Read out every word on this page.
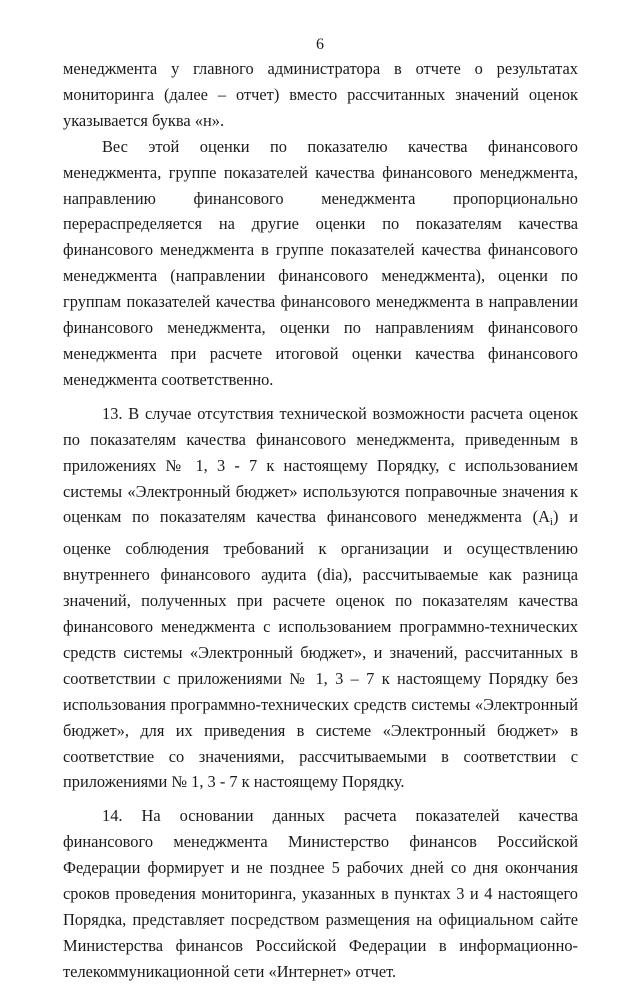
6

менеджмента у главного администратора в отчете о результатах мониторинга (далее – отчет) вместо рассчитанных значений оценок указывается буква «н».

Вес этой оценки по показателю качества финансового менеджмента, группе показателей качества финансового менеджмента, направлению финансового менеджмента пропорционально перераспределяется на другие оценки по показателям качества финансового менеджмента в группе показателей качества финансового менеджмента (направлении финансового менеджмента), оценки по группам показателей качества финансового менеджмента в направлении финансового менеджмента, оценки по направлениям финансового менеджмента при расчете итоговой оценки качества финансового менеджмента соответственно.

13. В случае отсутствия технической возможности расчета оценок по показателям качества финансового менеджмента, приведенным в приложениях № 1, 3 - 7 к настоящему Порядку, с использованием системы «Электронный бюджет» используются поправочные значения к оценкам по показателям качества финансового менеджмента (Ai) и оценке соблюдения требований к организации и осуществлению внутреннего финансового аудита (dia), рассчитываемые как разница значений, полученных при расчете оценок по показателям качества финансового менеджмента с использованием программно-технических средств системы «Электронный бюджет», и значений, рассчитанных в соответствии с приложениями № 1, 3 – 7 к настоящему Порядку без использования программно-технических средств системы «Электронный бюджет», для их приведения в системе «Электронный бюджет» в соответствие со значениями, рассчитываемыми в соответствии с приложениями № 1, 3 - 7 к настоящему Порядку.

14. На основании данных расчета показателей качества финансового менеджмента Министерство финансов Российской Федерации формирует и не позднее 5 рабочих дней со дня окончания сроков проведения мониторинга, указанных в пунктах 3 и 4 настоящего Порядка, представляет посредством размещения на официальном сайте Министерства финансов Российской Федерации в информационно-телекоммуникационной сети «Интернет» отчет.
